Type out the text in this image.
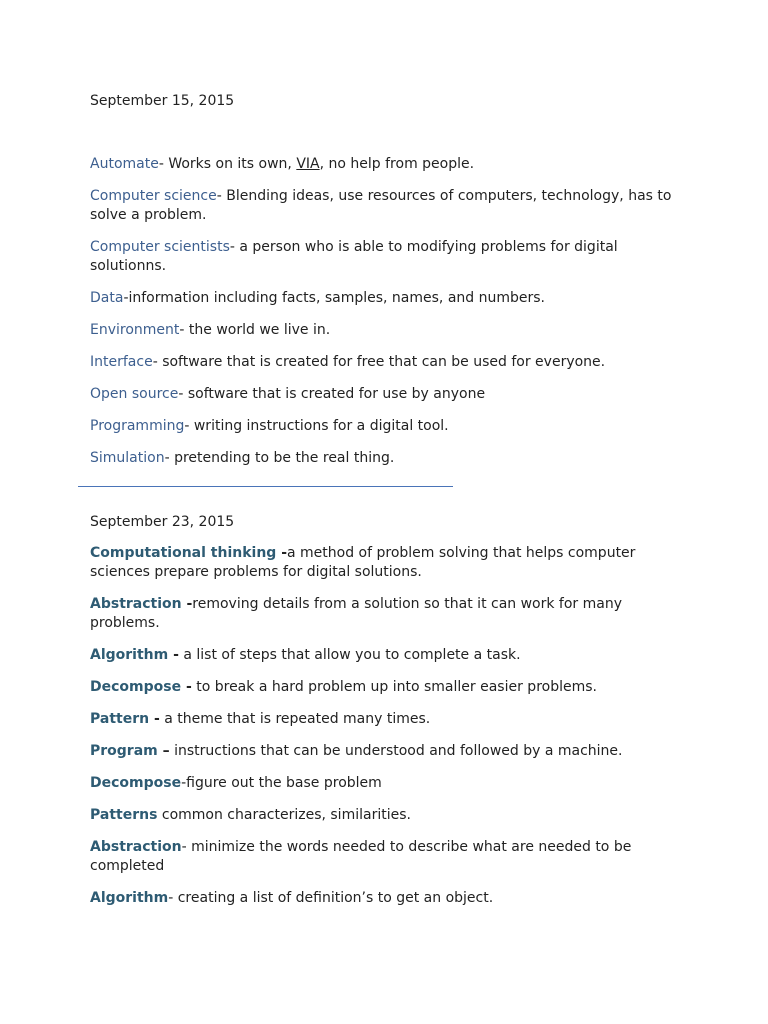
September 15, 2015

Automate- Works on its own, VIA, no help from people.

Computer science- Blending ideas, use resources of computers, technology, has to solve a problem.

Computer scientists- a person who is able to modifying problems for digital solutionns.

Data-information including facts, samples, names, and numbers.

Environment- the world we live in.

Interface- software that is created for free that can be used for everyone.

Open source- software that is created for use by anyone

Programming- writing instructions for a digital tool.

Simulation- pretending to be the real thing.

September 23, 2015

Computational thinking -a method of problem solving that helps computer sciences prepare problems for digital solutions.

Abstraction -removing details from a solution so that it can work for many problems.

Algorithm - a list of steps that allow you to complete a task.

Decompose - to break a hard problem up into smaller easier problems.

Pattern - a theme that is repeated many times.

Program – instructions that can be understood and followed by a machine.

Decompose-figure out the base problem

Patterns common characterizes, similarities.

Abstraction- minimize the words needed to describe what are needed to be completed

Algorithm- creating a list of definition’s to get an object.
